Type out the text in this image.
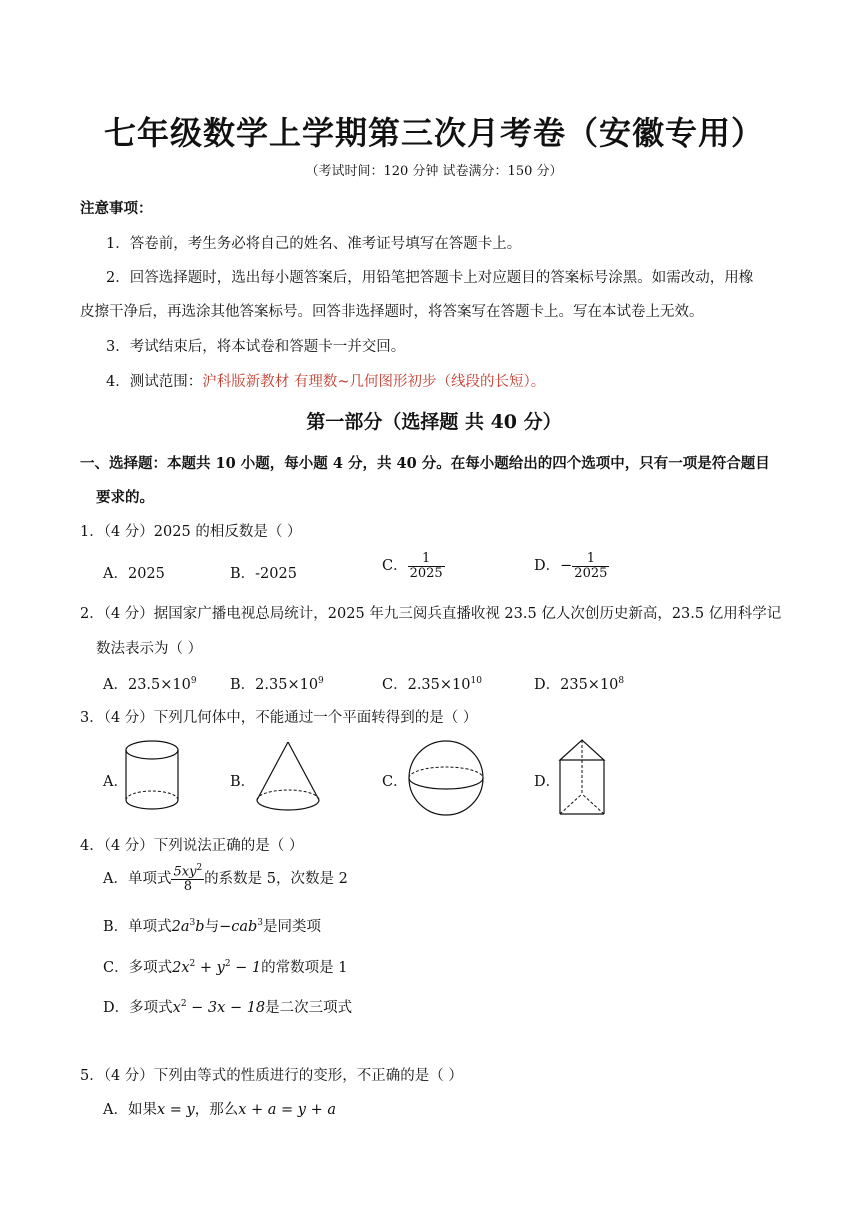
七年级数学上学期第三次月考卷（安徽专用）
（考试时间：120 分钟 试卷满分：150 分）
注意事项：
1．答卷前，考生务必将自己的姓名、准考证号填写在答题卡上。
2．回答选择题时，选出每小题答案后，用铅笔把答题卡上对应题目的答案标号涂黑。如需改动，用橡
皮擦干净后，再选涂其他答案标号。回答非选择题时，将答案写在答题卡上。写在本试卷上无效。
3．考试结束后，将本试卷和答题卡一并交回。
4．测试范围：沪科版新教材 有理数~几何图形初步（线段的长短）。
第一部分（选择题 共 40 分）
一、选择题：本题共 10 小题，每小题 4 分，共 40 分。在每小题给出的四个选项中，只有一项是符合题目
要求的。
1．（4 分）2025 的相反数是（ ）
A．2025	B．-2025	C． $\frac{1}{2025}$	D．− $\frac{1}{2025}$
2．（4 分）据国家广播电视总局统计，2025 年九三阅兵直播收视 23.5 亿人次创历史新高，23.5 亿用科学记
数法表示为（ ）
A．$23.5\times 10^9$ B．$2.35\times 10^9$	C．$2.35\times 10^{10}$	D．$235\times 10^8$
3．（4 分）下列几何体中，不能通过一个平面转得到的是（ ）
A．	B．	C．	D．
4．（4 分）下列说法正确的是（ ）
A．单项式 $\frac{5xy^2}{8}$ 的系数是 5，次数是 2
B．单项式$2a^3b$与−cab$^3$是同类项
C．多项式$2x^2 + y^2 - 1$的常数项是 1
D．多项式$x^2 - 3x - 18$是二次三项式
5．（4 分）下列由等式的性质进行的变形，不正确的是（ ）
A．如果x = y，那么x + a = y + a
